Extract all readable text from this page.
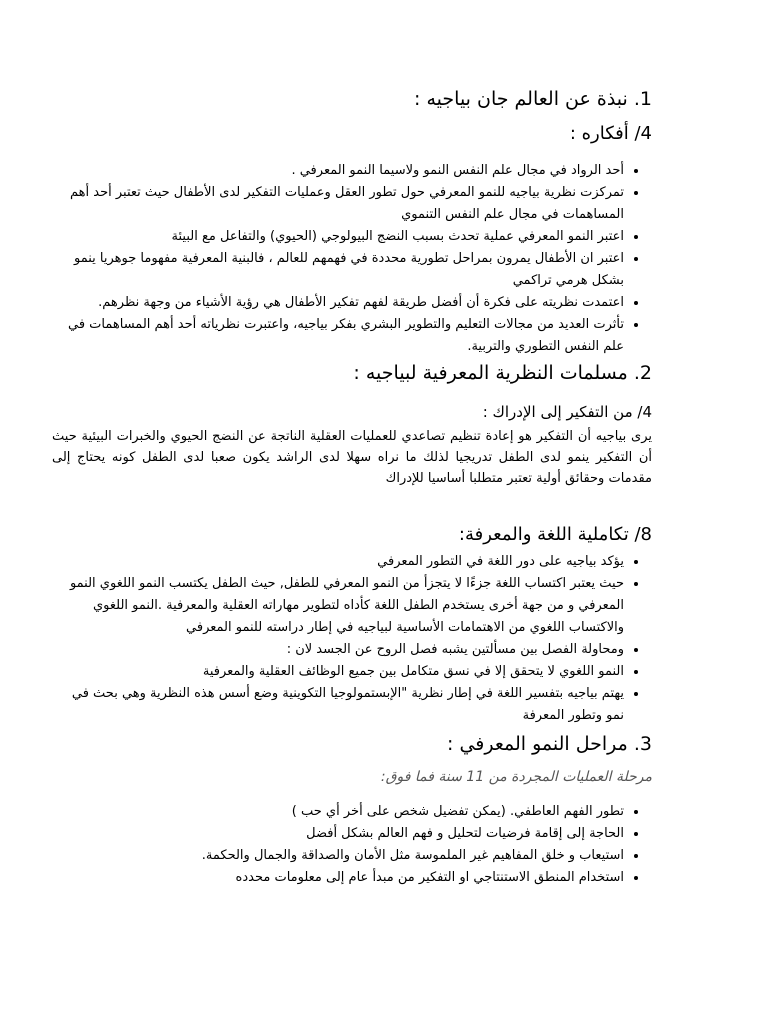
1. نبذة عن العالم جان بياجيه :
4/ أفكاره :
• أحد الرواد في مجال علم النفس النمو ولاسيما النمو المعرفي .
• تمركزت نظرية بياجيه للنمو المعرفي حول تطور العقل وعمليات التفكير لدى الأطفال حيث تعتبر أحد أهم المساهمات في مجال علم النفس التنموي
• اعتبر النمو المعرفي عملية تحدث بسبب النضج البيولوجي (الحيوي) والتفاعل مع البيئة
• اعتبر ان الأطفال يمرون بمراحل تطورية محددة في فهمهم للعالم ، فالبنية المعرفية مفهوما جوهريا ينمو بشكل هرمي تراكمي
• اعتمدت نظريته على فكرة أن أفضل طريقة لفهم تفكير الأطفال هي رؤية الأشياء من وجهة نظرهم.
• تأثرت العديد من مجالات التعليم والتطوير البشري بفكر بياجيه، واعتبرت نظرياته أحد أهم المساهمات في علم النفس التطوري والتربية.
2. مسلمات النظرية المعرفية لبياجيه :
4/ من التفكير إلى الإدراك :

يرى بياجيه أن التفكير هو إعادة تنظيم تصاعدي للعمليات العقلية الناتجة عن النضج الحيوي والخبرات البيئية حيث أن التفكير ينمو لدى الطفل تدريجيا لذلك ما نراه سهلا لدى الراشد يكون صعبا لدى الطفل كونه يحتاج إلى مقدمات وحقائق أولية تعتبر متطلبا أساسيا للإدراك

8/ تكاملية اللغة والمعرفة:
• يؤكد بياجيه على دور اللغة في التطور المعرفي
• حيث يعتبر اكتساب اللغة جزءًا لا يتجزأ من النمو المعرفي للطفل, حيث الطفل يكتسب النمو اللغوي النمو المعرفي و من جهة أخرى يستخدم الطفل اللغة كأداه لتطوير مهاراته العقلية والمعرفية .النمو اللغوي والاكتساب اللغوي من الاهتمامات الأساسية لبياجيه في إطار دراسته للنمو المعرفي
• ومحاولة الفصل بين مسألتين يشبه فصل الروح عن الجسد لان :
• النمو اللغوي لا يتحقق إلا في نسق متكامل بين جميع الوظائف العقلية والمعرفية
• يهتم بياجيه بتفسير اللغة في إطار نظرية "الإبستمولوجيا التكوينية وضع أسس هذه النظرية وهي بحث في نمو وتطور المعرفة
3. مراحل النمو المعرفي :

مرحلة العمليات المجردة من 11 سنة فما فوق:

• تطور الفهم العاطفي. (يمكن تفضيل شخص على أخر أي حب )
• الحاجة إلى إقامة فرضيات لتحليل و فهم العالم بشكل أفضل
• استيعاب و خلق المفاهيم غير الملموسة مثل الأمان والصداقة والجمال والحكمة.
• استخدام المنطق الاستنتاجي او التفكير من مبدأ عام إلى معلومات محدده
